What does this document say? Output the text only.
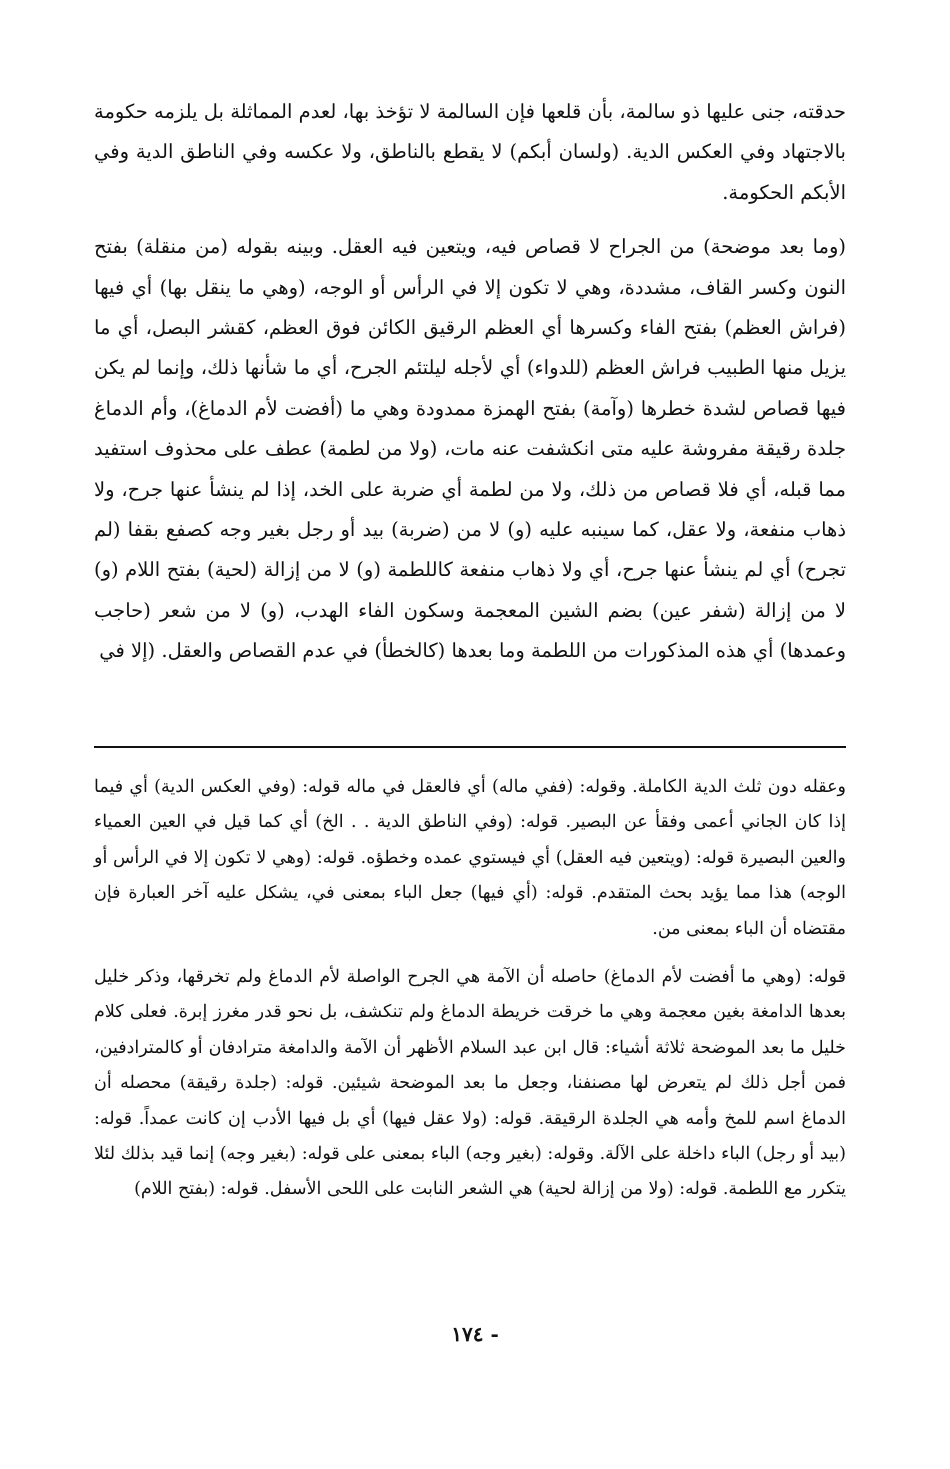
حدقته، جنى عليها ذو سالمة، بأن قلعها فإن السالمة لا تؤخذ بها، لعدم المماثلة بل يلزمه حكومة بالاجتهاد وفي العكس الدية. (ولسان أبكم) لا يقطع بالناطق، ولا عكسه وفي الناطق الدية وفي الأبكم الحكومة.

(وما بعد موضحة) من الجراح لا قصاص فيه، ويتعين فيه العقل. وبينه بقوله (من منقلة) بفتح النون وكسر القاف، مشددة، وهي لا تكون إلا في الرأس أو الوجه، (وهي ما ينقل بها) أي فيها (فراش العظم) بفتح الفاء وكسرها أي العظم الرقيق الكائن فوق العظم، كقشر البصل، أي ما يزيل منها الطبيب فراش العظم (للدواء) أي لأجله ليلتئم الجرح، أي ما شأنها ذلك، وإنما لم يكن فيها قصاص لشدة خطرها (وآمة) بفتح الهمزة ممدودة وهي ما (أفضت لأم الدماغ)، وأم الدماغ جلدة رقيقة مفروشة عليه متى انكشفت عنه مات، (ولا من لطمة) عطف على محذوف استفيد مما قبله، أي فلا قصاص من ذلك، ولا من لطمة أي ضربة على الخد، إذا لم ينشأ عنها جرح، ولا ذهاب منفعة، ولا عقل، كما سينبه عليه (و) لا من (ضربة) بيد أو رجل بغير وجه كصفع بقفا (لم تجرح) أي لم ينشأ عنها جرح، أي ولا ذهاب منفعة كاللطمة (و) لا من إزالة (لحية) بفتح اللام (و) لا من إزالة (شفر عين) بضم الشين المعجمة وسكون الفاء الهدب، (و) لا من شعر (حاجب وعمدها) أي هذه المذكورات من اللطمة وما بعدها (كالخطأ) في عدم القصاص والعقل. (إلا في

وعقله دون ثلث الدية الكاملة. وقوله: (ففي ماله) أي فالعقل في ماله قوله: (وفي العكس الدية) أي فيما إذا كان الجاني أعمى وفقأ عن البصير. قوله: (وفي الناطق الدية . . الخ) أي كما قيل في العين العمياء والعين البصيرة قوله: (ويتعين فيه العقل) أي فيستوي عمده وخطؤه. قوله: (وهي لا تكون إلا في الرأس أو الوجه) هذا مما يؤيد بحث المتقدم. قوله: (أي فيها) جعل الباء بمعنى في، يشكل عليه آخر العبارة فإن مقتضاه أن الباء بمعنى من.

قوله: (وهي ما أفضت لأم الدماغ) حاصله أن الآمة هي الجرح الواصلة لأم الدماغ ولم تخرقها، وذكر خليل بعدها الدامغة بغين معجمة وهي ما خرقت خريطة الدماغ ولم تنكشف، بل نحو قدر مغرز إبرة. فعلى كلام خليل ما بعد الموضحة ثلاثة أشياء: قال ابن عبد السلام الأظهر أن الآمة والدامغة مترادفان أو كالمترادفين، فمن أجل ذلك لم يتعرض لها مصنفنا، وجعل ما بعد الموضحة شيئين. قوله: (جلدة رقيقة) محصله أن الدماغ اسم للمخ وأمه هي الجلدة الرقيقة. قوله: (ولا عقل فيها) أي بل فيها الأدب إن كانت عمداً. قوله: (بيد أو رجل) الباء داخلة على الآلة. وقوله: (بغير وجه) الباء بمعنى على قوله: (بغير وجه) إنما قيد بذلك لئلا يتكرر مع اللطمة. قوله: (ولا من إزالة لحية) هي الشعر النابت على اللحى الأسفل. قوله: (بفتح اللام)

- ١٧٤
